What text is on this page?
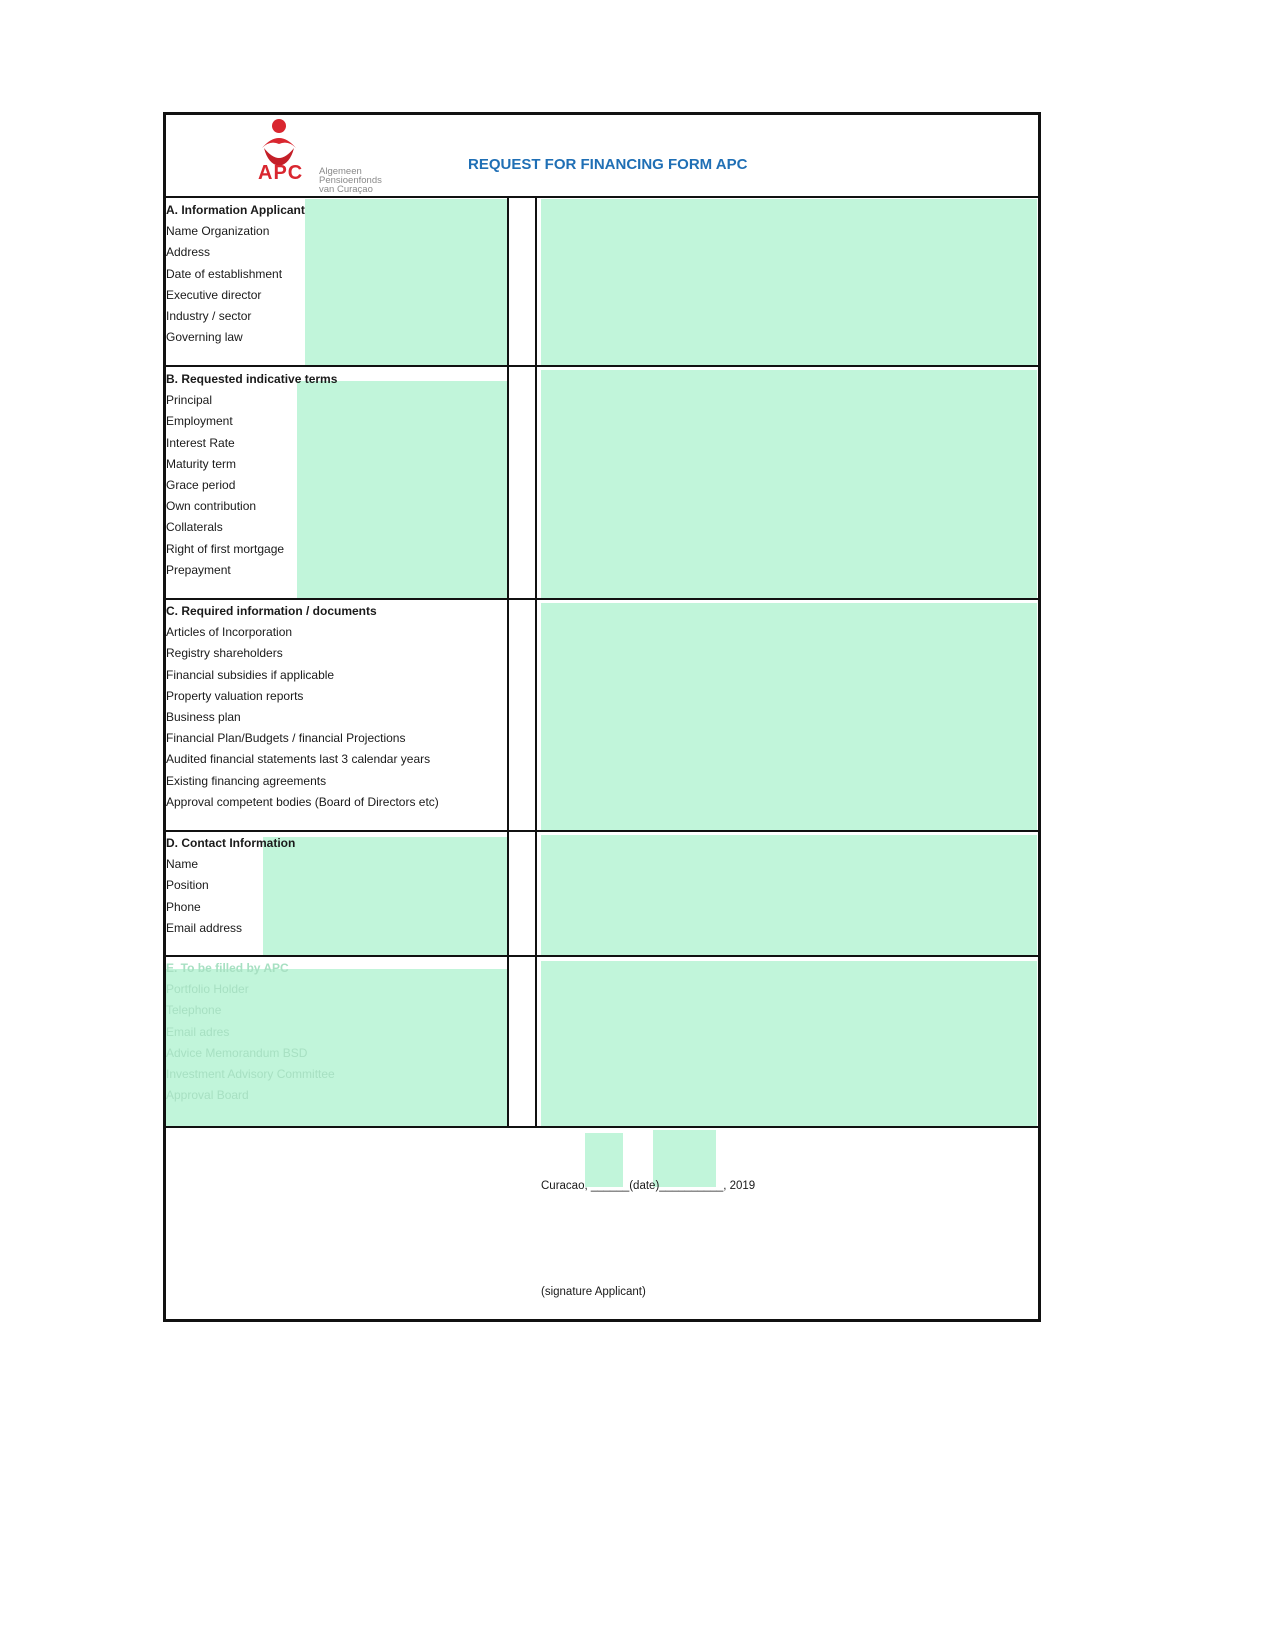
APC Algemeen
Pensioenfonds
van Curaçao
REQUEST FOR FINANCING FORM APC
A. Information Applicant
Name Organization
Address
Date of establishment
Executive director
Industry / sector
Governing law
B. Requested indicative terms
Principal
Employment
Interest Rate
Maturity term
Grace period
Own contribution
Collaterals
Right of first mortgage
Prepayment
C. Required information / documents
Articles of Incorporation
Registry shareholders
Financial subsidies if applicable
Property valuation reports
Business plan
Financial Plan/Budgets / financial Projections
Audited financial statements last 3 calendar years
Existing financing agreements
Approval competent bodies (Board of Directors etc)
D. Contact Information
Name
Position
Phone
Email address
E. To be filled by APC
Portfolio Holder
Telephone
Email adres
Advice Memorandum BSD
Investment Advisory Committee
Approval Board
Curacao, ______(date)__________, 2019
(signature Applicant)
